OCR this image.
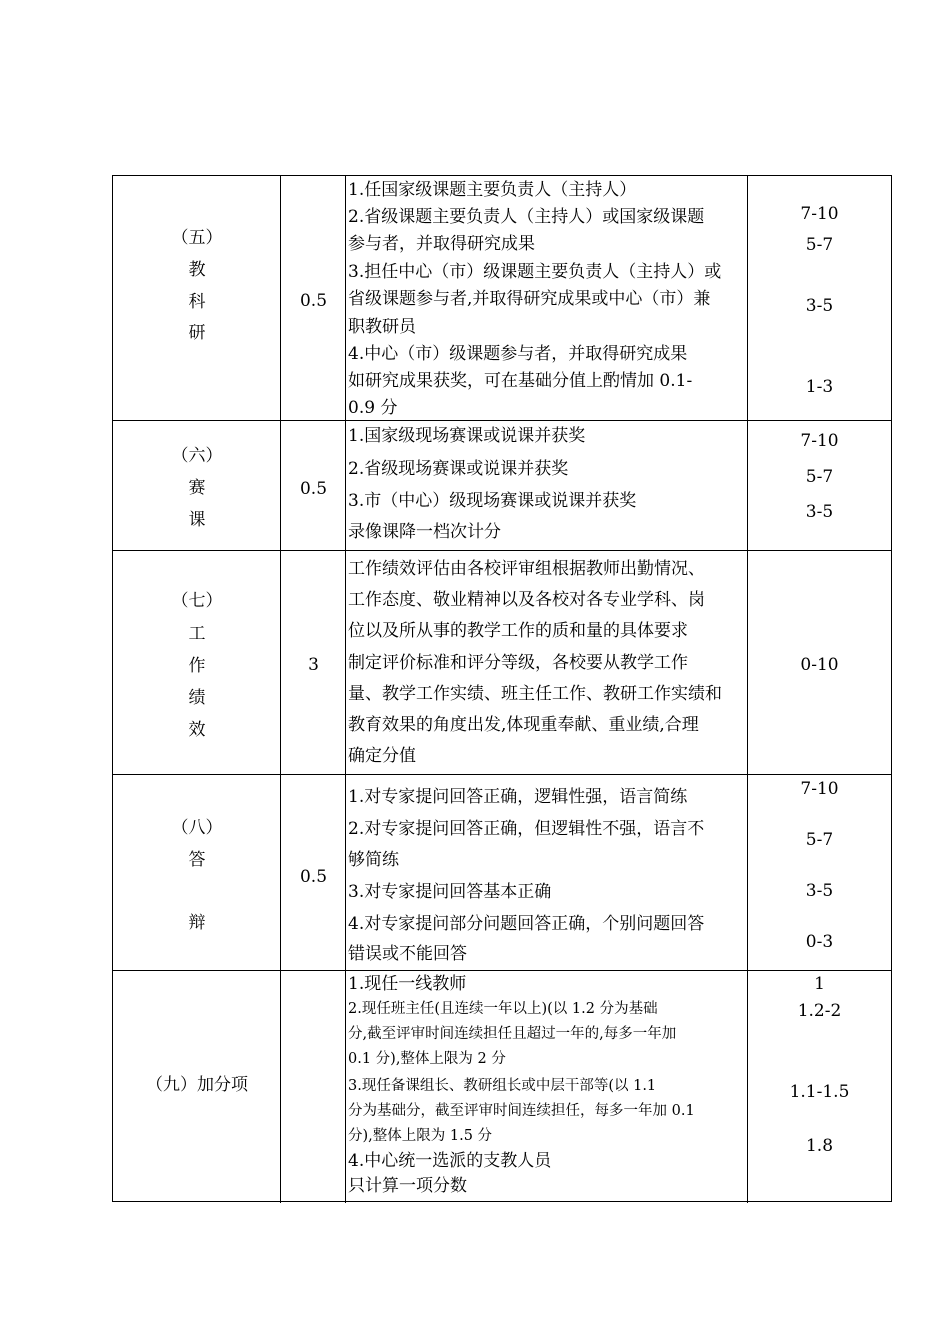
（五）
教
科
研
0.5
1.任国家级课题主要负责人（主持人）
2.省级课题主要负责人（主持人）或国家级课题
参与者，并取得研究成果
3.担任中心（市）级课题主要负责人（主持人）或
省级课题参与者,并取得研究成果或中心（市）兼
职教研员
4.中心（市）级课题参与者，并取得研究成果
如研究成果获奖，可在基础分值上酌情加 0.1-
0.9 分
7-10
5-7
3-5
1-3
（六）
赛
课
0.5
1.国家级现场赛课或说课并获奖
2.省级现场赛课或说课并获奖
3.市（中心）级现场赛课或说课并获奖
录像课降一档次计分
7-10
5-7
3-5
（七）
工
作
绩
效
3
工作绩效评估由各校评审组根据教师出勤情况、
工作态度、敬业精神以及各校对各专业学科、岗
位以及所从事的教学工作的质和量的具体要求
制定评价标准和评分等级，各校要从教学工作
量、教学工作实绩、班主任工作、教研工作实绩和
教育效果的角度出发,体现重奉献、重业绩,合理
确定分值
0-10
（八）
答
辩
0.5
1.对专家提问回答正确，逻辑性强，语言简练
2.对专家提问回答正确，但逻辑性不强，语言不
够简练
3.对专家提问回答基本正确
4.对专家提问部分问题回答正确，个别问题回答
错误或不能回答
7-10
5-7
3-5
0-3
（九）加分项
1.现任一线教师
2.现任班主任(且连续一年以上)(以 1.2 分为基础
分,截至评审时间连续担任且超过一年的,每多一年加
0.1 分),整体上限为 2 分
3.现任备课组长、教研组长或中层干部等(以 1.1
分为基础分，截至评审时间连续担任，每多一年加 0.1
分),整体上限为 1.5 分
4.中心统一选派的支教人员
只计算一项分数
1
1.2-2
1.1-1.5
1.8
